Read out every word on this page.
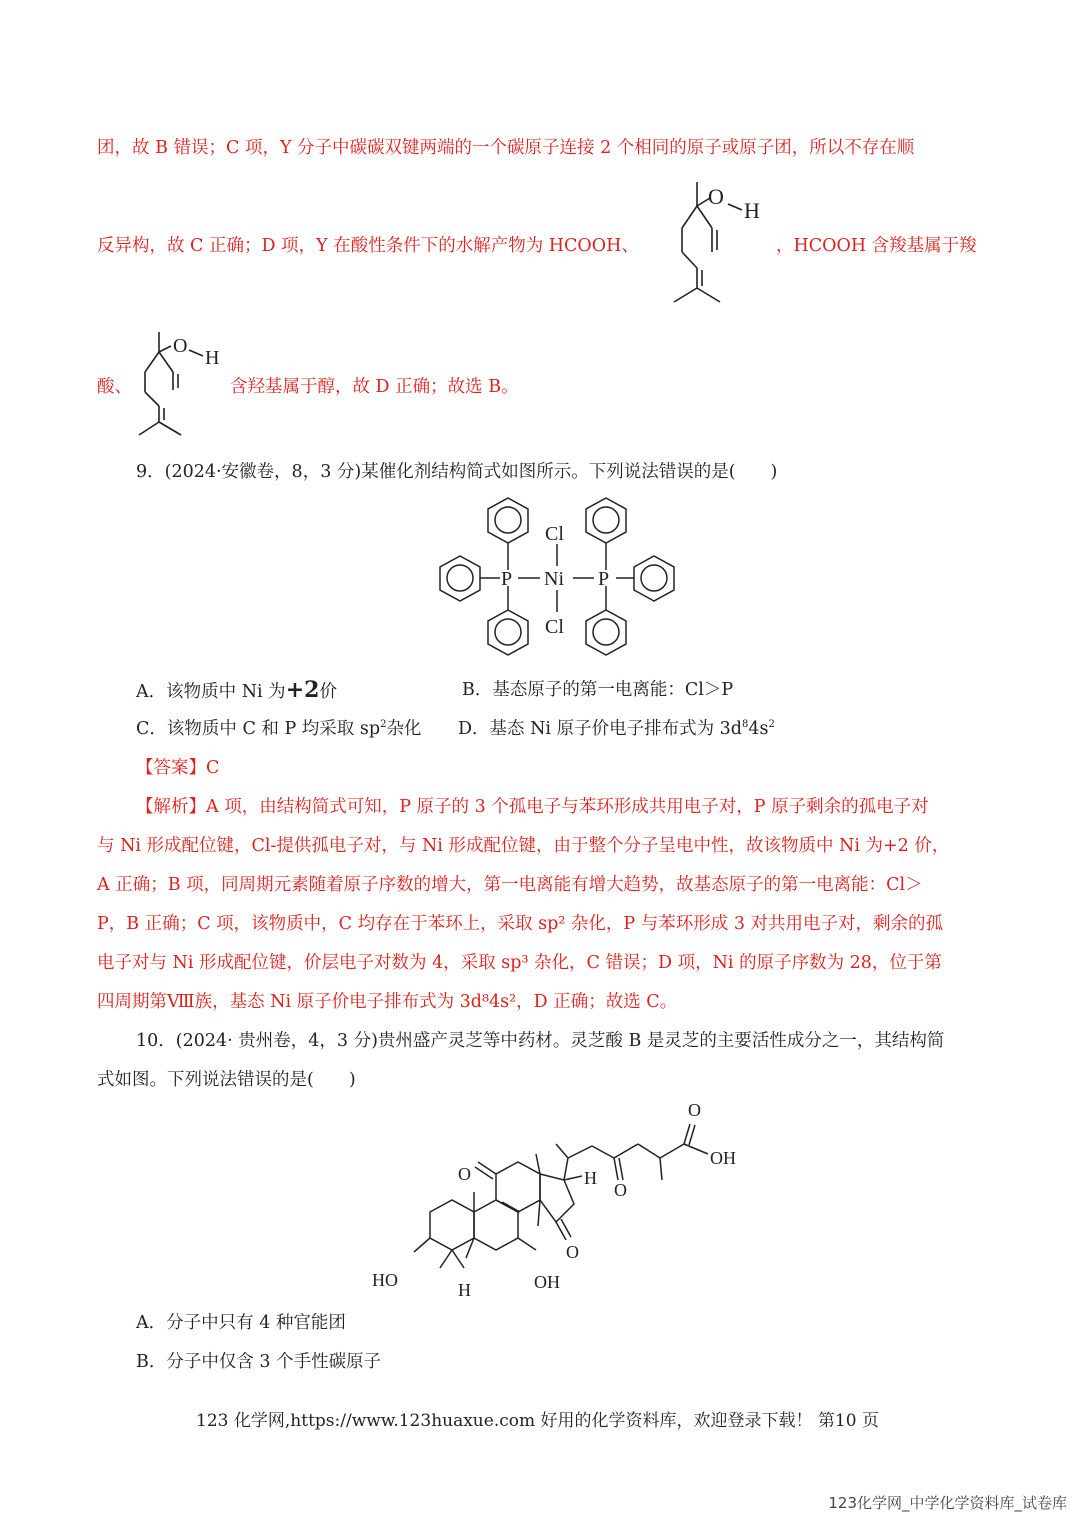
团，故 B 错误；C 项，Y 分子中碳碳双键两端的一个碳原子连接 2 个相同的原子或原子团，所以不存在顺
反异构，故 C 正确；D 项，Y 在酸性条件下的水解产物为 HCOOH、
O
H
，HCOOH 含羧基属于羧
酸、
O
H
含羟基属于醇，故 D 正确；故选 B。
9．(2024·安徽卷，8，3 分)某催化剂结构简式如图所示。下列说法错误的是(　　)
Cl
Cl
Ni
P	P
A．该物质中 Ni 为+2价	B．基态原子的第一电离能：Cl＞P
C．该物质中 C 和 P 均采取 $sp^2$杂化 D．基态 Ni 原子价电子排布式为 $3d^84s^2$
【答案】C
【解析】A 项，由结构简式可知，P 原子的 3 个孤电子与苯环形成共用电子对，P 原子剩余的孤电子对
与 Ni 形成配位键，Cl-提供孤电子对，与 Ni 形成配位键，由于整个分子呈电中性，故该物质中 Ni 为+2 价，
A 正确；B 项，同周期元素随着原子序数的增大，第一电离能有增大趋势，故基态原子的第一电离能：Cl＞
P，B 正确；C 项，该物质中，C 均存在于苯环上，采取 sp² 杂化，P 与苯环形成 3 对共用电子对，剩余的孤
电子对与 Ni 形成配位键，价层电子对数为 4，采取 sp³ 杂化，C 错误；D 项，Ni 的原子序数为 28，位于第
四周期第Ⅷ族，基态 Ni 原子价电子排布式为 3d⁸4s²，D 正确；故选 C。
10．(2024· 贵州卷，4，3 分)贵州盛产灵芝等中药材。灵芝酸 B 是灵芝的主要活性成分之一，其结构简
式如图。下列说法错误的是(　　)
O
O
O
O
OH
HO	OH
H
H
A．分子中只有 4 种官能团
B．分子中仅含 3 个手性碳原子
123 化学网,https://www.123huaxue.com 好用的化学资料库，欢迎登录下载！ 第10 页
123化学网_中学化学资料库_试卷库
